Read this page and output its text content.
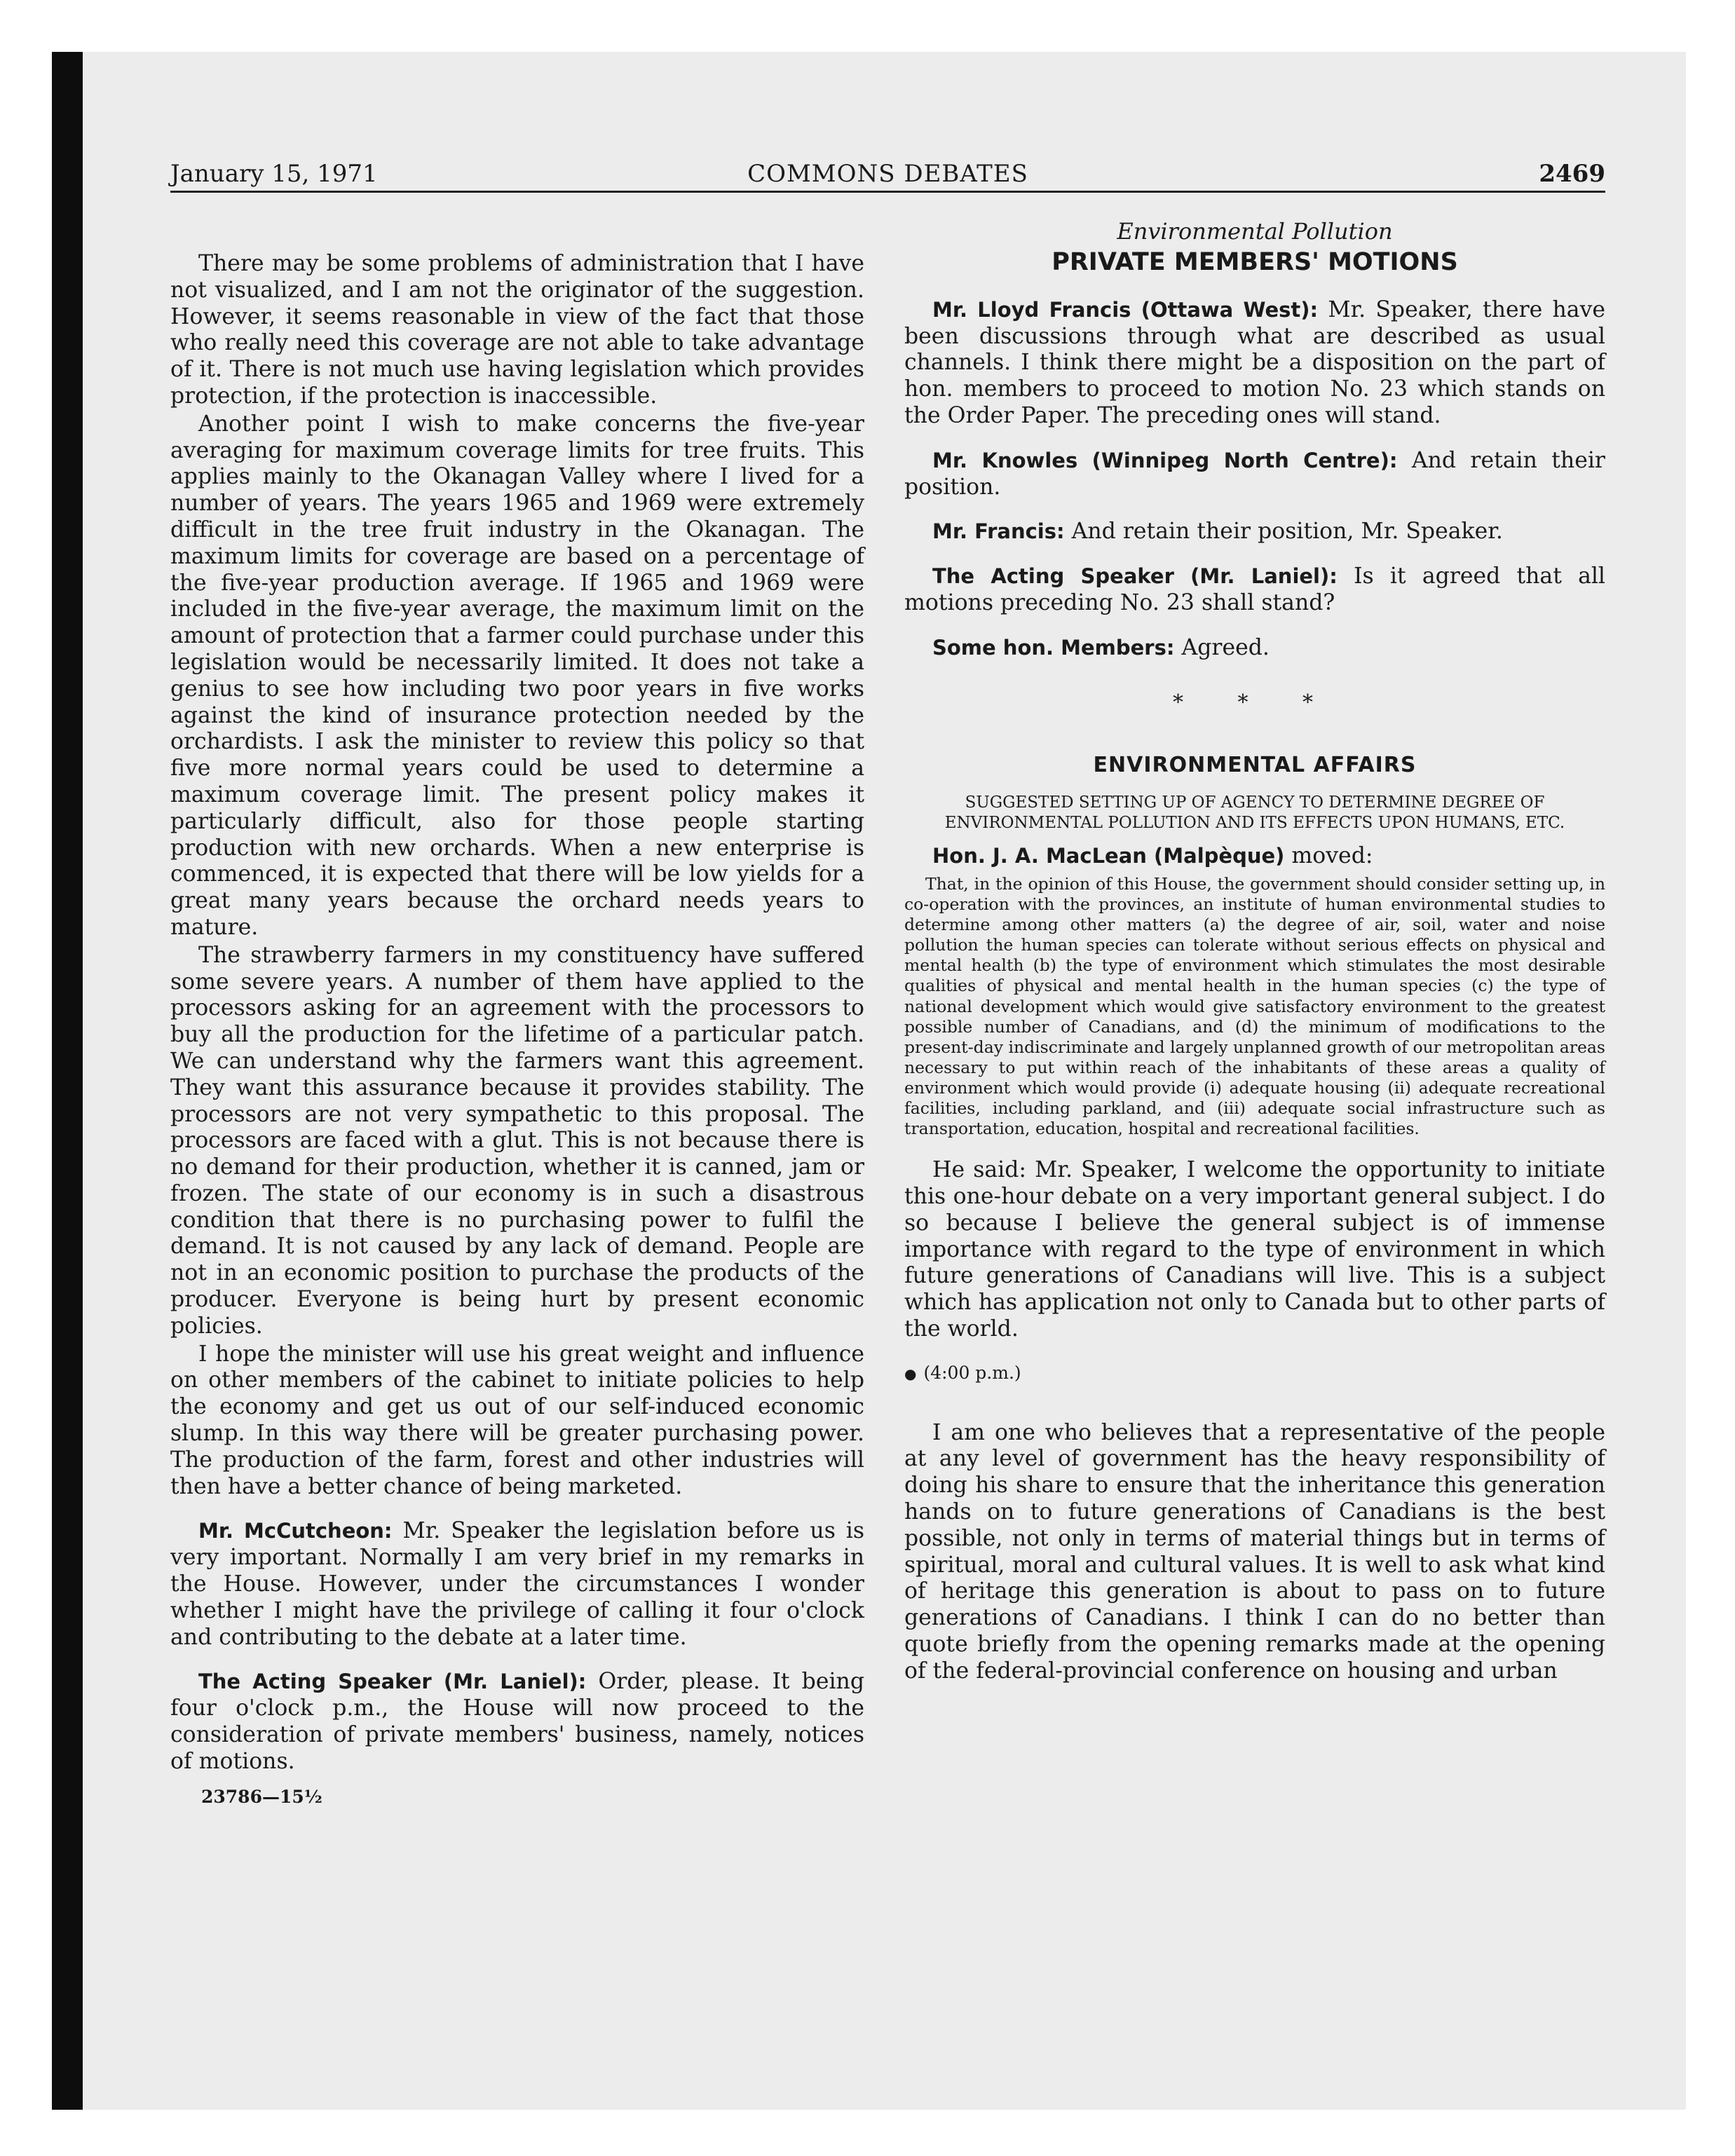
January 15, 1971	COMMONS DEBATES	2469

There may be some problems of administration that I have not visualized, and I am not the originator of the suggestion. However, it seems reasonable in view of the fact that those who really need this coverage are not able to take advantage of it. There is not much use having legislation which provides protection, if the protection is inaccessible.

Another point I wish to make concerns the five-year averaging for maximum coverage limits for tree fruits. This applies mainly to the Okanagan Valley where I lived for a number of years. The years 1965 and 1969 were extremely difficult in the tree fruit industry in the Okanagan. The maximum limits for coverage are based on a percentage of the five-year production average. If 1965 and 1969 were included in the five-year average, the maximum limit on the amount of protection that a farmer could purchase under this legislation would be necessarily limited. It does not take a genius to see how including two poor years in five works against the kind of insurance protection needed by the orchardists. I ask the minister to review this policy so that five more normal years could be used to determine a maximum coverage limit. The present policy makes it particularly difficult, also for those people starting production with new orchards. When a new enterprise is commenced, it is expected that there will be low yields for a great many years because the orchard needs years to mature.

The strawberry farmers in my constituency have suffered some severe years. A number of them have applied to the processors asking for an agreement with the processors to buy all the production for the lifetime of a particular patch. We can understand why the farmers want this agreement. They want this assurance because it provides stability. The processors are not very sympathetic to this proposal. The processors are faced with a glut. This is not because there is no demand for their production, whether it is canned, jam or frozen. The state of our economy is in such a disastrous condition that there is no purchasing power to fulfil the demand. It is not caused by any lack of demand. People are not in an economic position to purchase the products of the producer. Everyone is being hurt by present economic policies.

I hope the minister will use his great weight and influence on other members of the cabinet to initiate policies to help the economy and get us out of our self-induced economic slump. In this way there will be greater purchasing power. The production of the farm, forest and other industries will then have a better chance of being marketed.

Mr. McCutcheon: Mr. Speaker the legislation before us is very important. Normally I am very brief in my remarks in the House. However, under the circumstances I wonder whether I might have the privilege of calling it four o'clock and contributing to the debate at a later time.

The Acting Speaker (Mr. Laniel): Order, please. It being four o'clock p.m., the House will now proceed to the consideration of private members' business, namely, notices of motions.

23786—15½
Environmental Pollution
PRIVATE MEMBERS' MOTIONS

Mr. Lloyd Francis (Ottawa West): Mr. Speaker, there have been discussions through what are described as usual channels. I think there might be a disposition on the part of hon. members to proceed to motion No. 23 which stands on the Order Paper. The preceding ones will stand.

Mr. Knowles (Winnipeg North Centre): And retain their position.

Mr. Francis: And retain their position, Mr. Speaker.

The Acting Speaker (Mr. Laniel): Is it agreed that all motions preceding No. 23 shall stand?

Some hon. Members: Agreed.

* * *
ENVIRONMENTAL AFFAIRS
SUGGESTED SETTING UP OF AGENCY TO DETERMINE DEGREE OF ENVIRONMENTAL POLLUTION AND ITS EFFECTS UPON HUMANS, ETC.

Hon. J. A. MacLean (Malpèque) moved:

That, in the opinion of this House, the government should consider setting up, in co-operation with the provinces, an institute of human environmental studies to determine among other matters (a) the degree of air, soil, water and noise pollution the human species can tolerate without serious effects on physical and mental health (b) the type of environment which stimulates the most desirable qualities of physical and mental health in the human species (c) the type of national development which would give satisfactory environment to the greatest possible number of Canadians, and (d) the minimum of modifications to the present-day indiscriminate and largely unplanned growth of our metropolitan areas necessary to put within reach of the inhabitants of these areas a quality of environment which would provide (i) adequate housing (ii) adequate recreational facilities, including parkland, and (iii) adequate social infrastructure such as transportation, education, hospital and recreational facilities.

He said: Mr. Speaker, I welcome the opportunity to initiate this one-hour debate on a very important general subject. I do so because I believe the general subject is of immense importance with regard to the type of environment in which future generations of Canadians will live. This is a subject which has application not only to Canada but to other parts of the world.

● (4:00 p.m.)

I am one who believes that a representative of the people at any level of government has the heavy responsibility of doing his share to ensure that the inheritance this generation hands on to future generations of Canadians is the best possible, not only in terms of material things but in terms of spiritual, moral and cultural values. It is well to ask what kind of heritage this generation is about to pass on to future generations of Canadians. I think I can do no better than quote briefly from the opening remarks made at the opening of the federal-provincial conference on housing and urban
